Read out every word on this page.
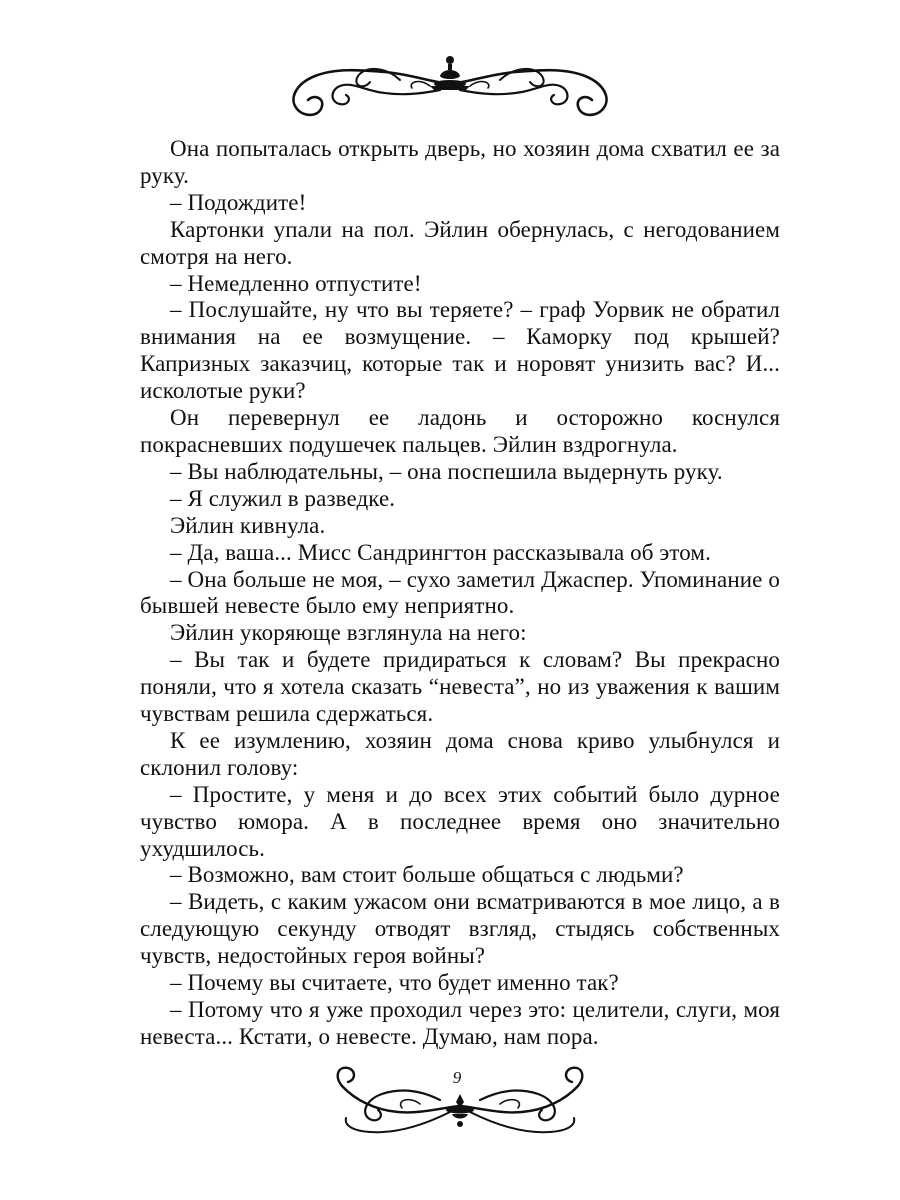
Она попыталась открыть дверь, но хозяин дома схватил ее за руку.

– Подождите!

Картонки упали на пол. Эйлин обернулась, с негодованием смотря на него.

– Немедленно отпустите!

– Послушайте, ну что вы теряете? – граф Уорвик не обратил внимания на ее возмущение. – Каморку под крышей? Капризных заказчиц, которые так и норовят унизить вас? И... исколотые руки?

Он перевернул ее ладонь и осторожно коснулся покрасневших подушечек пальцев. Эйлин вздрогнула.

– Вы наблюдательны, – она поспешила выдернуть руку.

– Я служил в разведке.

Эйлин кивнула.

– Да, ваша... Мисс Сандрингтон рассказывала об этом.

– Она больше не моя, – сухо заметил Джаспер. Упоминание о бывшей невесте было ему неприятно.

Эйлин укоряюще взглянула на него:

– Вы так и будете придираться к словам? Вы прекрасно поняли, что я хотела сказать “невеста”, но из уважения к вашим чувствам решила сдержаться.

К ее изумлению, хозяин дома снова криво улыбнулся и склонил голову:

– Простите, у меня и до всех этих событий было дурное чувство юмора. А в последнее время оно значительно ухудшилось.

– Возможно, вам стоит больше общаться с людьми?

– Видеть, с каким ужасом они всматриваются в мое лицо, а в следующую секунду отводят взгляд, стыдясь собственных чувств, недостойных героя войны?

– Почему вы считаете, что будет именно так?

– Потому что я уже проходил через это: целители, слуги, моя невеста... Кстати, о невесте. Думаю, нам пора.

9
